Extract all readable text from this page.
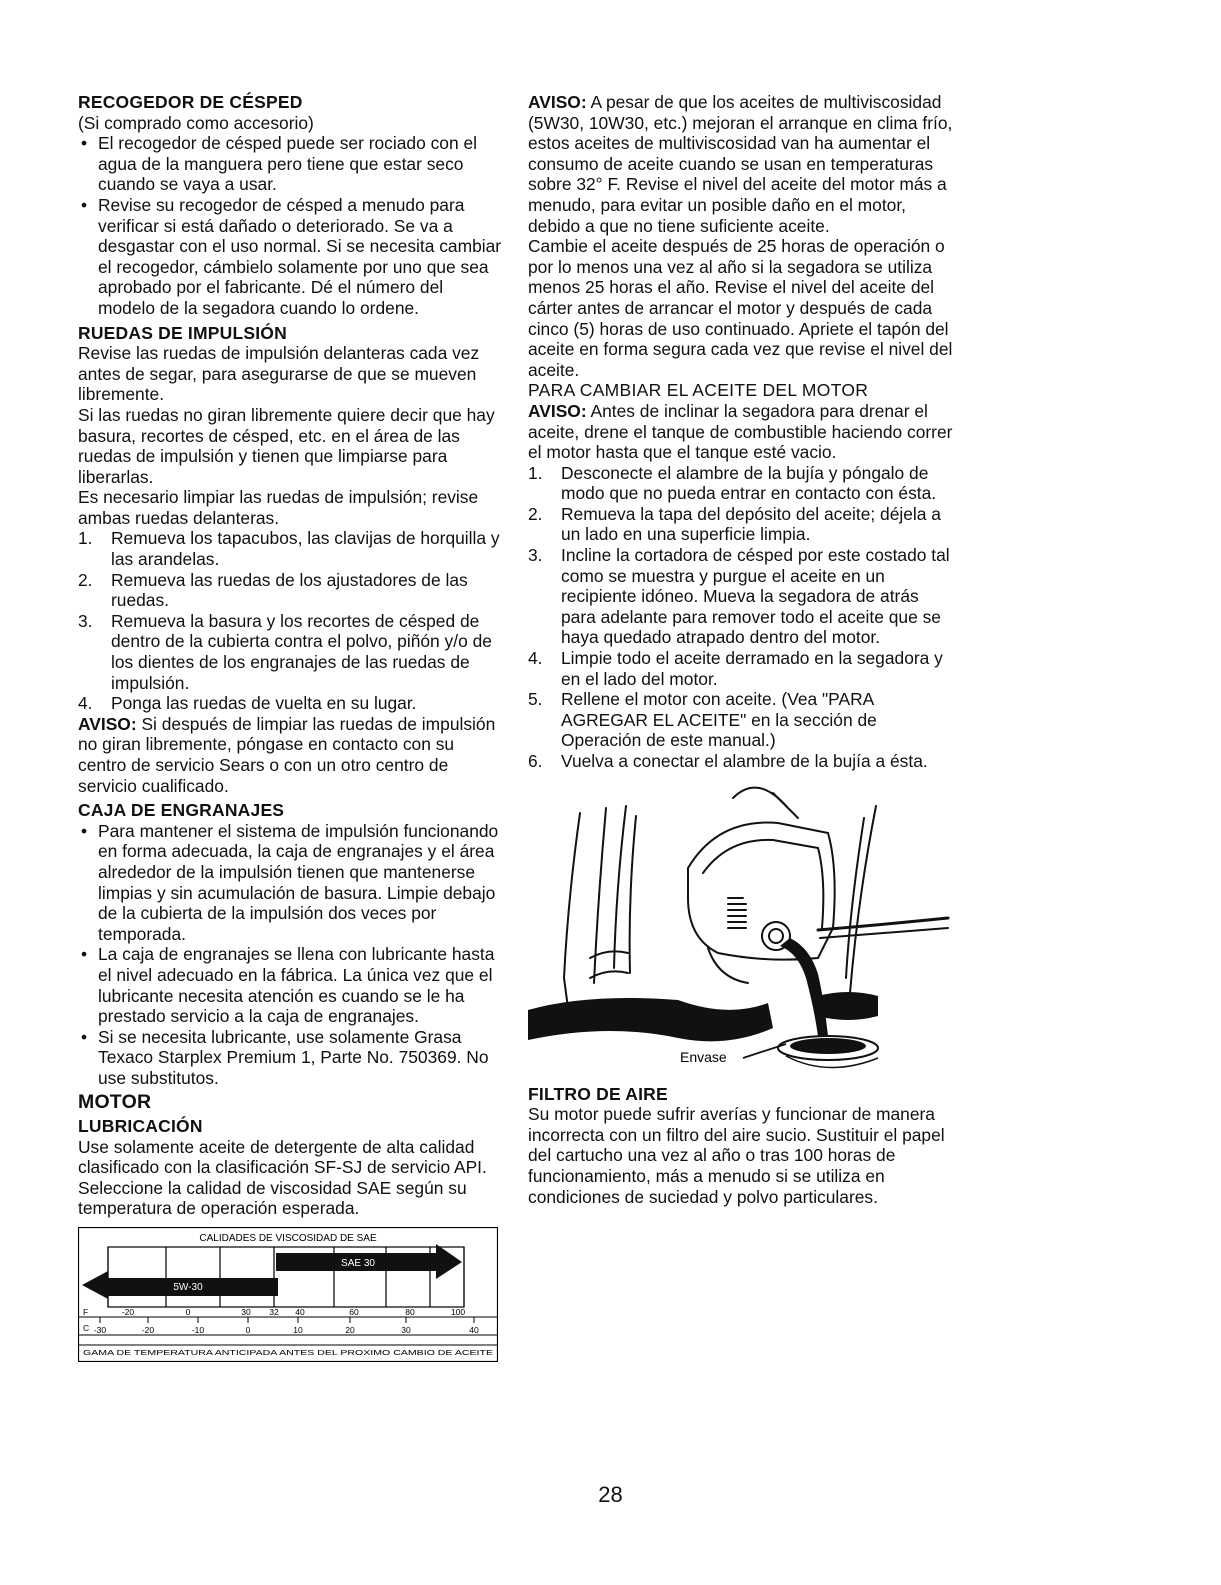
RECOGEDOR DE CÉSPED

(Si comprado como accesorio)

• El recogedor de césped puede ser rociado con el agua de la manguera pero tiene que estar seco cuando se vaya a usar.
• Revise su recogedor de césped a menudo para verificar si está dañado o deteriorado. Se va a desgastar con el uso normal. Si se necesita cambiar el recogedor, cámbielo solamente por uno que sea aprobado por el fabricante. Dé el número del modelo de la segadora cuando lo ordene.
RUEDAS DE IMPULSIÓN

Revise las ruedas de impulsión delanteras cada vez antes de segar, para asegurarse de que se mueven libremente.

Si las ruedas no giran libremente quiere decir que hay basura, recortes de césped, etc. en el área de las ruedas de impulsión y tienen que limpiarse para liberarlas.

Es necesario limpiar las ruedas de impulsión; revise ambas ruedas delanteras.

1. Remueva los tapacubos, las clavijas de horquilla y las arandelas.
2. Remueva las ruedas de los ajustadores de las ruedas.
3. Remueva la basura y los recortes de césped de dentro de la cubierta contra el polvo, piñón y/o de los dientes de los engranajes de las ruedas de impulsión.
4. Ponga las ruedas de vuelta en su lugar.

AVISO: Si después de limpiar las ruedas de impulsión no giran libremente, póngase en contacto con su centro de servicio Sears o con un otro centro de servicio cualificado.

CAJA DE ENGRANAJES
• Para mantener el sistema de impulsión funcionando en forma adecuada, la caja de engranajes y el área alrededor de la impulsión tienen que mantenerse limpias y sin acumulación de basura. Limpie debajo de la cubierta de la impulsión dos veces por temporada.
• La caja de engranajes se llena con lubricante hasta el nivel adecuado en la fábrica. La única vez que el lubricante necesita atención es cuando se le ha prestado servicio a la caja de engranajes.
• Si se necesita lubricante, use solamente Grasa Texaco Starplex Premium 1, Parte No. 750369. No use substitutos.
MOTOR
LUBRICACIÓN

Use solamente aceite de detergente de alta calidad clasificado con la clasificación SF-SJ de servicio API. Seleccione la calidad de viscosidad SAE según su temperatura de operación esperada.

CALIDADES DE VISCOSIDAD DE SAE
5W-30
SAE 30
F	-20	0	30 32 40	60	80	100
C -30	-20	-10	0	10	20	30	40
GAMA DE TEMPERATURA ANTICIPADA ANTES DEL PROXIMO CAMBIO DE ACEITE

AVISO: A pesar de que los aceites de multiviscosidad (5W30, 10W30, etc.) mejoran el arranque en clima frío, estos aceites de multiviscosidad van ha aumentar el consumo de aceite cuando se usan en temperaturas sobre 32° F. Revise el nivel del aceite del motor más a menudo, para evitar un posible daño en el motor, debido a que no tiene suficiente aceite.

Cambie el aceite después de 25 horas de operación o por lo menos una vez al año si la segadora se utiliza menos 25 horas el año. Revise el nivel del aceite del cárter antes de arrancar el motor y después de cada cinco (5) horas de uso continuado. Apriete el tapón del aceite en forma segura cada vez que revise el nivel del aceite.

PARA CAMBIAR EL ACEITE DEL MOTOR

AVISO: Antes de inclinar la segadora para drenar el aceite, drene el tanque de combustible haciendo correr el motor hasta que el tanque esté vacio.

1. Desconecte el alambre de la bujía y póngalo de modo que no pueda entrar en contacto con ésta.
2. Remueva la tapa del depósito del aceite; déjela a un lado en una superficie limpia.
3. Incline la cortadora de césped por este costado tal como se muestra y purgue el aceite en un recipiente idóneo. Mueva la segadora de atrás para adelante para remover todo el aceite que se haya quedado atrapado dentro del motor.
4. Limpie todo el aceite derramado en la segadora y en el lado del motor.
5. Rellene el motor con aceite. (Vea "PARA AGREGAR EL ACEITE" en la sección de Operación de este manual.)
6. Vuelva a conectar el alambre de la bujía a ésta.
Envase
FILTRO DE AIRE

Su motor puede sufrir averías y funcionar de manera incorrecta con un filtro del aire sucio. Sustituir el papel del cartucho una vez al año o tras 100 horas de funcionamiento, más a menudo si se utiliza en condiciones de suciedad y polvo particulares.

28
